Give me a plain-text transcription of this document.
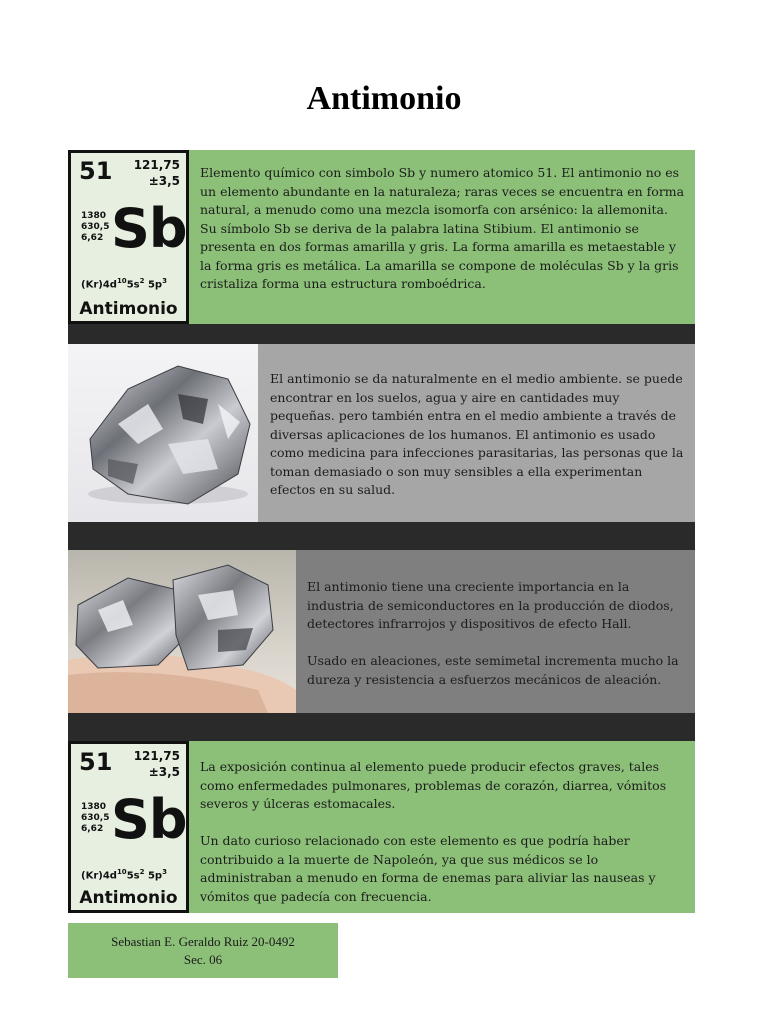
Antimonio
51 121,75
±3,5
1380
630,5
6,62 Sb
$(Kr)4d^{10}5s^2$ $5p^3$
Antimonio
Elemento químico con simbolo Sb y numero atomico 51. El antimonio no es un elemento abundante en la naturaleza; raras veces se encuentra en forma natural, a menudo como una mezcla isomorfa con arsénico: la allemonita. Su símbolo Sb se deriva de la palabra latina Stibium. El antimonio se presenta en dos formas amarilla y gris. La forma amarilla es metaestable y la forma gris es metálica. La amarilla se compone de moléculas Sb y la gris cristaliza forma una estructura romboédrica.
El antimonio se da naturalmente en el medio ambiente. se puede encontrar en los suelos, agua y aire en cantidades muy pequeñas. pero también entra en el medio ambiente a través de diversas aplicaciones de los humanos. El antimonio es usado como medicina para infecciones parasitarias, las personas que la toman demasiado o son muy sensibles a ella experimentan efectos en su salud.

El antimonio tiene una creciente importancia en la industria de semiconductores en la producción de diodos, detectores infrarrojos y dispositivos de efecto Hall.

Usado en aleaciones, este semimetal incrementa mucho la dureza y resistencia a esfuerzos mecánicos de aleación.

51 121,75
±3,5
1380
630,5
6,62 Sb
$(Kr)4d^{10}5s^2$ $5p^3$
Antimonio

La exposición continua al elemento puede producir efectos graves, tales como enfermedades pulmonares, problemas de corazón, diarrea, vómitos severos y úlceras estomacales.

Un dato curioso relacionado con este elemento es que podría haber contribuido a la muerte de Napoleón, ya que sus médicos se lo administraban a menudo en forma de enemas para aliviar las nauseas y vómitos que padecía con frecuencia.

Sebastian E. Geraldo Ruiz 20-0492
Sec. 06
